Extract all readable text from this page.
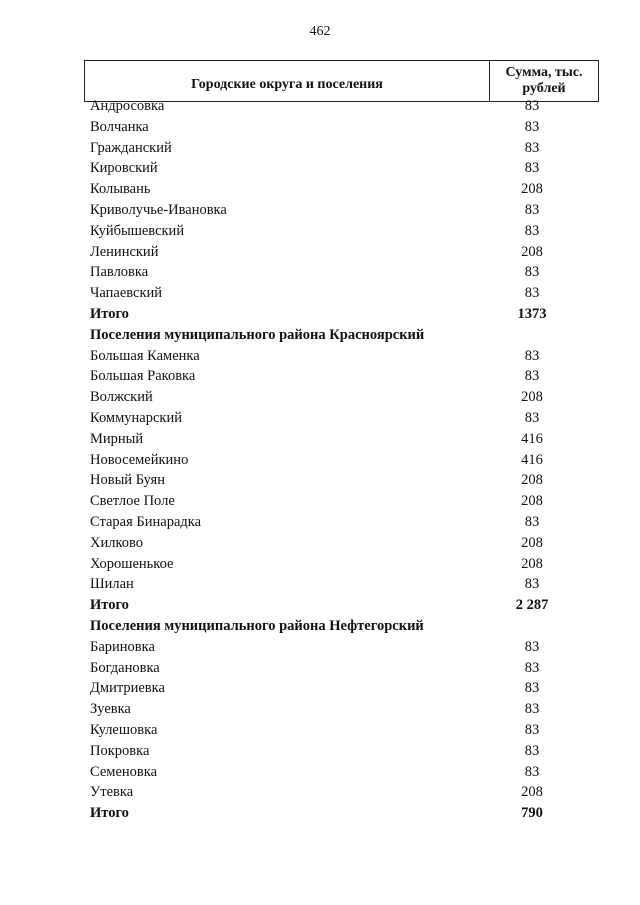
462
Городские округа и поселения
Сумма, тыс.
рублей
Андросовка	83
Волчанка	83
Гражданский	83
Кировский	83
Колывань	208
Криволучье-Ивановка	83
Куйбышевский	83
Ленинский	208
Павловка	83
Чапаевский	83
Итого	1373
Поселения муниципального района Красноярский
Большая Каменка	83
Большая Раковка	83
Волжский	208
Коммунарский	83
Мирный	416
Новосемейкино	416
Новый Буян	208
Светлое Поле	208
Старая Бинарадка	83
Хилково	208
Хорошенькое	208
Шилан	83
Итого	2 287
Поселения муниципального района Нефтегорский
Бариновка	83
Богдановка	83
Дмитриевка	83
Зуевка	83
Кулешовка	83
Покровка	83
Семеновка	83
Утевка	208
Итого	790
